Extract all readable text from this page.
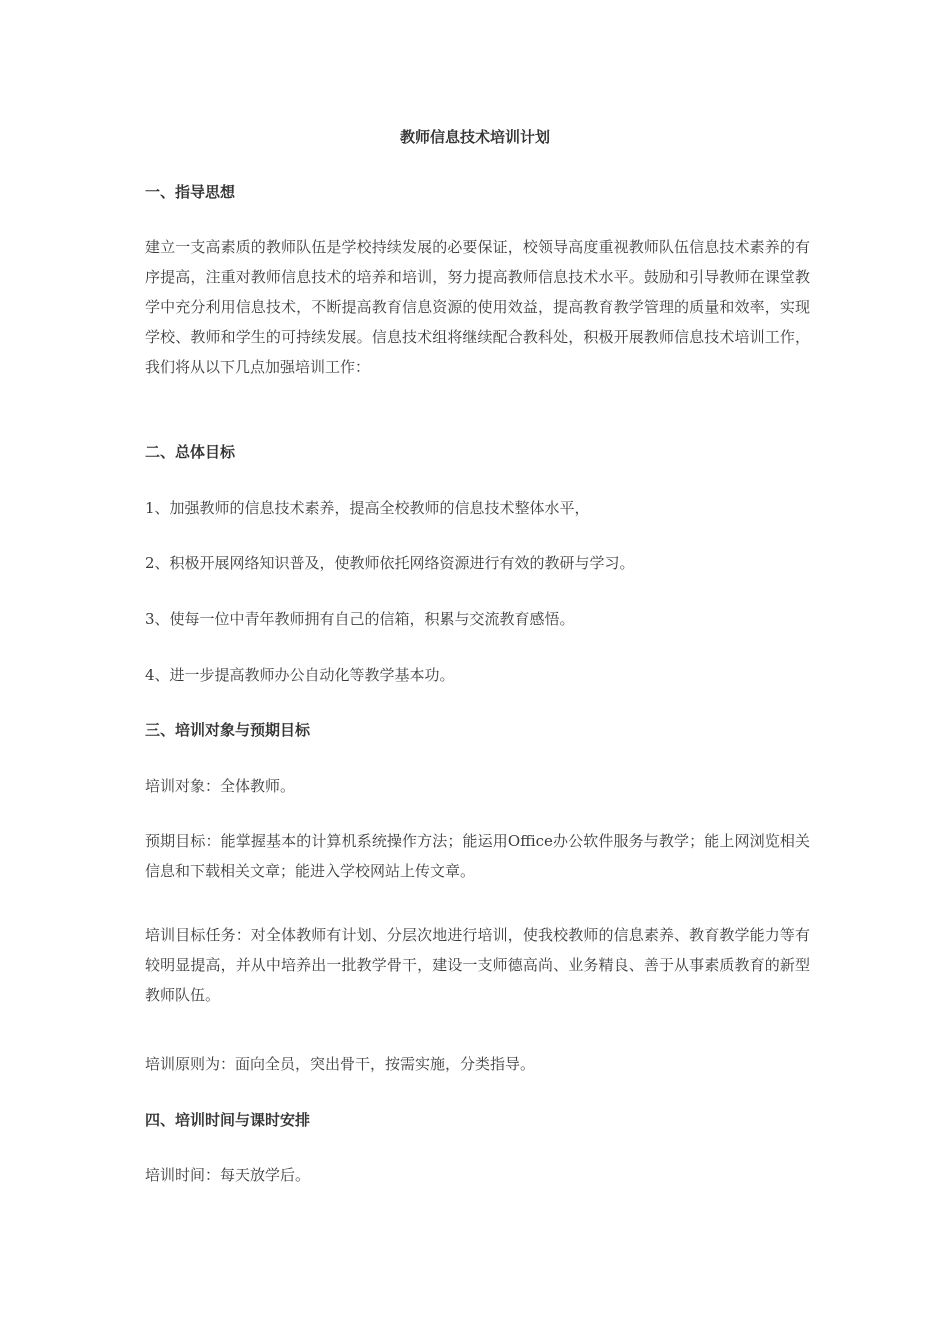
教师信息技术培训计划
一、指导思想
建立一支高素质的教师队伍是学校持续发展的必要保证，校领导高度重视教师队伍信息技术素养的有序提高，注重对教师信息技术的培养和培训，努力提高教师信息技术水平。鼓励和引导教师在课堂教学中充分利用信息技术，不断提高教育信息资源的使用效益，提高教育教学管理的质量和效率，实现学校、教师和学生的可持续发展。信息技术组将继续配合教科处，积极开展教师信息技术培训工作，我们将从以下几点加强培训工作：
二、总体目标
1、加强教师的信息技术素养，提高全校教师的信息技术整体水平，
2、积极开展网络知识普及，使教师依托网络资源进行有效的教研与学习。
3、使每一位中青年教师拥有自己的信箱，积累与交流教育感悟。
4、进一步提高教师办公自动化等教学基本功。
三、培训对象与预期目标
培训对象：全体教师。
预期目标：能掌握基本的计算机系统操作方法；能运用Office办公软件服务与教学；能上网浏览相关信息和下载相关文章；能进入学校网站上传文章。
培训目标任务：对全体教师有计划、分层次地进行培训，使我校教师的信息素养、教育教学能力等有较明显提高，并从中培养出一批教学骨干，建设一支师德高尚、业务精良、善于从事素质教育的新型教师队伍。
培训原则为：面向全员，突出骨干，按需实施，分类指导。
四、培训时间与课时安排
培训时间：每天放学后。
